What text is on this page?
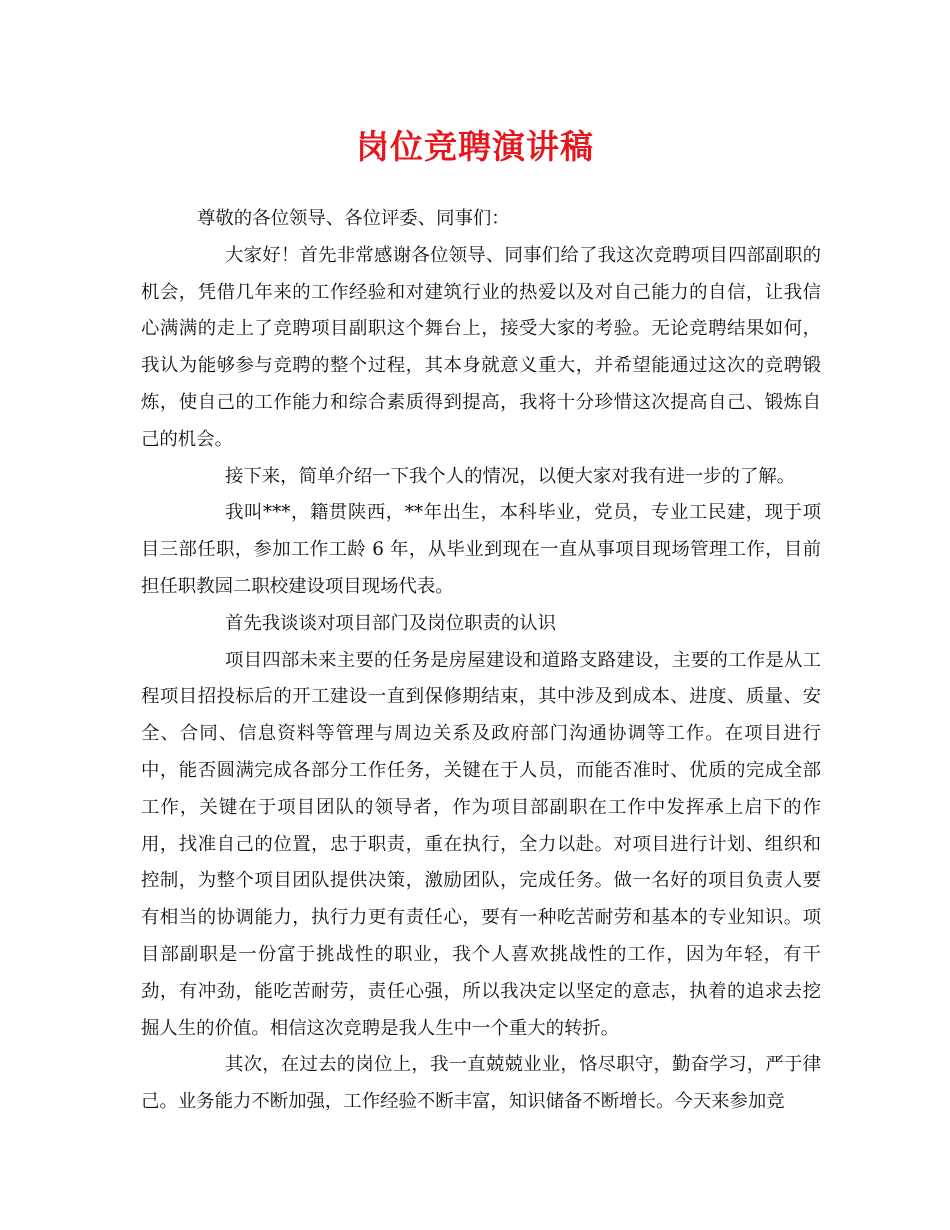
岗位竞聘演讲稿

尊敬的各位领导、各位评委、同事们：

大家好！首先非常感谢各位领导、同事们给了我这次竞聘项目四部副职的机会，凭借几年来的工作经验和对建筑行业的热爱以及对自己能力的自信，让我信心满满的走上了竞聘项目副职这个舞台上，接受大家的考验。无论竞聘结果如何，我认为能够参与竞聘的整个过程，其本身就意义重大，并希望能通过这次的竞聘锻炼，使自己的工作能力和综合素质得到提高，我将十分珍惜这次提高自己、锻炼自己的机会。

接下来，简单介绍一下我个人的情况，以便大家对我有进一步的了解。

我叫***，籍贯陕西，**年出生，本科毕业，党员，专业工民建，现于项目三部任职，参加工作工龄 6 年，从毕业到现在一直从事项目现场管理工作，目前担任职教园二职校建设项目现场代表。

首先我谈谈对项目部门及岗位职责的认识

项目四部未来主要的任务是房屋建设和道路支路建设，主要的工作是从工程项目招投标后的开工建设一直到保修期结束，其中涉及到成本、进度、质量、安全、合同、信息资料等管理与周边关系及政府部门沟通协调等工作。在项目进行中，能否圆满完成各部分工作任务，关键在于人员，而能否准时、优质的完成全部工作，关键在于项目团队的领导者，作为项目部副职在工作中发挥承上启下的作用，找准自己的位置，忠于职责，重在执行，全力以赴。对项目进行计划、组织和控制，为整个项目团队提供决策，激励团队，完成任务。做一名好的项目负责人要有相当的协调能力，执行力更有责任心，要有一种吃苦耐劳和基本的专业知识。项目部副职是一份富于挑战性的职业，我个人喜欢挑战性的工作，因为年轻，有干劲，有冲劲，能吃苦耐劳，责任心强，所以我决定以坚定的意志，执着的追求去挖掘人生的价值。相信这次竞聘是我人生中一个重大的转折。

其次，在过去的岗位上，我一直兢兢业业，恪尽职守，勤奋学习，严于律己。业务能力不断加强，工作经验不断丰富，知识储备不断增长。今天来参加竞
